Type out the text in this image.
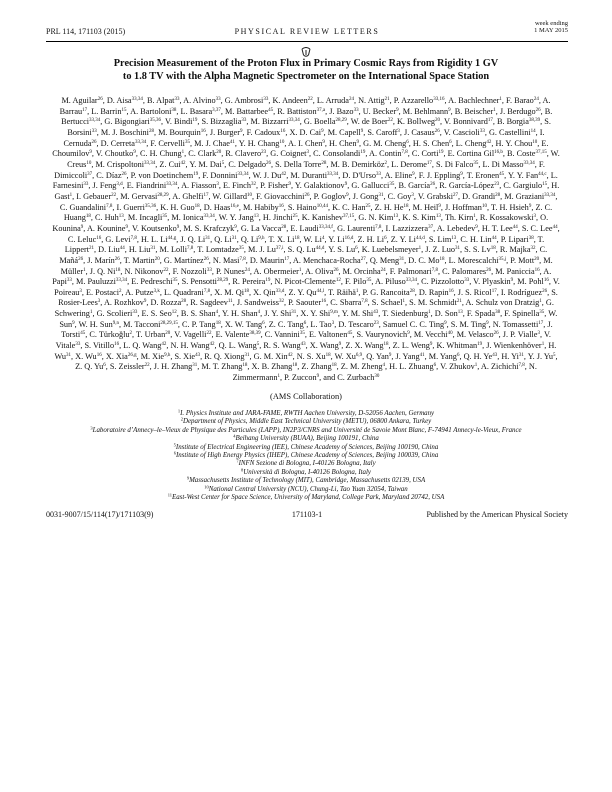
PRL 114, 171103 (2015)	PHYSICAL REVIEW LETTERS
week ending
1 MAY 2015
Precision Measurement of the Proton Flux in Primary Cosmic Rays from Rigidity 1 GV
to 1.8 TV with the Alpha Magnetic Spectrometer on the International Space Station
M. Aguilar$^{26}$, D. Aisa$^{33,34}$, B. Alpat$^{33}$, A. Alvino$^{33}$, G. Ambrosi$^{33}$, K. Andeen$^{22}$, L. Arruda$^{24}$, N. Attig$^{21}$, P. Azzarello$^{33,16}$, A. Bachlechner$^1$, F. Barao$^{24}$, A. Barrau$^{17}$, L. Barrin$^{15}$, A. Bartoloni$^{38}$, L. Basara$^{3,37}$, M. Battarbee$^{45}$, R. Battiston$^{37,a}$, J. Bazo$^{33}$, U. Becker$^9$, M. Behlmann$^9$, B. Beischer$^1$, J. Berdugo$^{26}$, B. Bertucci$^{33,34}$, G. Bigongiari$^{35,36}$, V. Bindi$^{19}$, S. Bizzaglia$^{33}$, M. Bizzarri$^{33,34}$, G. Boella$^{28,29}$, W. de Boer$^{22}$, K. Bollweg$^{20}$, V. Bonnivard$^{17}$, B. Borgia$^{38,39}$, S. Borsini$^{33}$, M. J. Boschini$^{28}$, M. Bourquin$^{16}$, J. Burger$^9$, F. Cadoux$^{16}$, X. D. Cai$^9$, M. Capell$^9$, S. Caroff$^3$, J. Casaus$^{26}$, V. Cascioli$^{33}$, G. Castellini$^{14}$, I. Cernuda$^{26}$, D. Cerreta$^{33,34}$, F. Cervelli$^{35}$, M. J. Chae$^{41}$, Y. H. Chang$^{10}$, A. I. Chen$^9$, H. Chen$^9$, G. M. Cheng$^6$, H. S. Chen$^6$, L. Cheng$^{42}$, H. Y. Chou$^{10}$, E. Choumilov$^9$, V. Choutko$^9$, C. H. Chung$^1$, C. Clark$^{20}$, R. Clavero$^{23}$, G. Coignet$^3$, C. Consolandi$^{19}$, A. Contin$^{7,8}$, C. Corti$^{19}$, E. Cortina Gil$^{16,b}$, B. Coste$^{37,15}$, W. Creus$^{10}$, M. Crispoltoni$^{33,34}$, Z. Cui$^{42}$, Y. M. Dai$^5$, C. Delgado$^{26}$, S. Della Torre$^{28}$, M. B. Demirköz$^2$, L. Derome$^{17}$, S. Di Falco$^{35}$, L. Di Masso$^{33,34}$, F. Dimiccoli$^{37}$, C. Díaz$^{26}$, P. von Doetinchem$^{19}$, F. Donnini$^{33,34}$, W. J. Du$^{42}$, M. Duranti$^{33,34}$, D. D'Urso$^{33}$, A. Eline$^9$, F. J. Eppling$^9$, T. Eronen$^{45}$, Y. Y. Fan$^{44,c}$, L. Farnesini$^{33}$, J. Feng$^{3,d}$, E. Fiandrini$^{33,34}$, A. Fiasson$^3$, E. Finch$^{32}$, P. Fisher$^9$, Y. Galaktionov$^9$, G. Gallucci$^{35}$, B. García$^{26}$, R. García-López$^{23}$, C. Gargiulo$^{15}$, H. Gast$^1$, I. Gebauer$^{22}$, M. Gervasi$^{28,29}$, A. Ghelfi$^{17}$, W. Gillard$^{10}$, F. Giovacchini$^{26}$, P. Goglov$^9$, J. Gong$^{31}$, C. Goy$^3$, V. Grabski$^{27}$, D. Grandi$^{28}$, M. Graziani$^{33,34}$, C. Guandalini$^{7,8}$, I. Guerri$^{35,36}$, K. H. Guo$^{18}$, D. Haas$^{16,e}$, M. Habiby$^{16}$, S. Haino$^{10,44}$, K. C. Han$^{25}$, Z. H. He$^{18}$, M. Heil$^9$, J. Hoffman$^{10}$, T. H. Hsieh$^9$, Z. C. Huang$^{18}$, C. Huh$^{13}$, M. Incagli$^{35}$, M. Ionica$^{33,34}$, W. Y. Jang$^{13}$, H. Jinchi$^{25}$, K. Kanishev$^{37,15}$, G. N. Kim$^{13}$, K. S. Kim$^{13}$, Th. Kirn$^1$, R. Kossakowski$^3$, O. Kounina$^9$, A. Kounine$^9$, V. Koutsenko$^9$, M. S. Krafczyk$^9$, G. La Vacca$^{28}$, E. Laudi$^{33,34,f}$, G. Laurenti$^{7,8}$, I. Lazzizzera$^{37}$, A. Lebedev$^9$, H. T. Lee$^{44}$, S. C. Lee$^{44}$, C. Leluc$^{16}$, G. Levi$^{7,8}$, H. L. Li$^{44,g}$, J. Q. Li$^{31}$, Q. Li$^{31}$, Q. Li$^{9,h}$, T. X. Li$^{18}$, W. Li$^4$, Y. Li$^{16,d}$, Z. H. Li$^6$, Z. Y. Li$^{44,d}$, S. Lim$^{13}$, C. H. Lin$^{44}$, P. Lipari$^{38}$, T. Lippert$^{21}$, D. Liu$^{44}$, H. Liu$^{31}$, M. Lolli$^{7,8}$, T. Lomtadze$^{35}$, M. J. Lu$^{37,i}$, S. Q. Lu$^{44,d}$, Y. S. Lu$^6$, K. Luebelsmeyer$^1$, J. Z. Luo$^{31}$, S. S. Lv$^{18}$, R. Majka$^{32}$, C. Mañá$^{26}$, J. Marín$^{26}$, T. Martin$^{20}$, G. Martínez$^{26}$, N. Masi$^{7,8}$, D. Maurin$^{17}$, A. Menchaca-Rocha$^{27}$, Q. Meng$^{31}$, D. C. Mo$^{18}$, L. Morescalchi$^{35,j}$, P. Mott$^{20}$, M. Müller$^1$, J. Q. Ni$^{18}$, N. Nikonov$^{22}$, F. Nozzoli$^{33}$, P. Nunes$^{24}$, A. Obermeier$^1$, A. Oliva$^{26}$, M. Orcinha$^{24}$, F. Palmonari$^{7,8}$, C. Palomares$^{26}$, M. Paniccia$^{16}$, A. Papi$^{33}$, M. Pauluzzi$^{33,34}$, E. Pedreschi$^{35}$, S. Pensotti$^{28,29}$, R. Pereira$^{19}$, N. Picot-Clemente$^{12}$, F. Pilo$^{35}$, A. Piluso$^{33,34}$, C. Pizzolotto$^{33}$, V. Plyaskin$^9$, M. Pohl$^{16}$, V. Poireau$^3$, E. Postaci$^2$, A. Putze$^{3,k}$, L. Quadrani$^{7,8}$, X. M. Qi$^{18}$, X. Qin$^{33,d}$, Z. Y. Qu$^{44,l}$, T. Räihä$^1$, P. G. Rancoita$^{28}$, D. Rapin$^{16}$, J. S. Ricol$^{17}$, I. Rodríguez$^{26}$, S. Rosier-Lees$^3$, A. Rozhkov$^9$, D. Rozza$^{28}$, R. Sagdeev$^{11}$, J. Sandweiss$^{32}$, P. Saouter$^{16}$, C. Sbarra$^{7,8}$, S. Schael$^1$, S. M. Schmidt$^{21}$, A. Schulz von Dratzig$^1$, G. Schwering$^1$, G. Scolieri$^{33}$, E. S. Seo$^{12}$, B. S. Shan$^4$, Y. H. Shan$^4$, J. Y. Shi$^{31}$, X. Y. Shi$^{9,m}$, Y. M. Shi$^{43}$, T. Siedenburg$^1$, D. Son$^{13}$, F. Spada$^{38}$, F. Spinella$^{35}$, W. Sun$^9$, W. H. Sun$^{9,n}$, M. Tacconi$^{28,29,15}$, C. P. Tang$^{18}$, X. W. Tang$^6$, Z. C. Tang$^6$, L. Tao$^3$, D. Tescaro$^{23}$, Samuel C. C. Ting$^9$, S. M. Ting$^9$, N. Tomassetti$^{17}$, J. Torsti$^{45}$, C. Türkoğlu$^2$, T. Urban$^{20}$, V. Vagelli$^{22}$, E. Valente$^{38,39}$, C. Vannini$^{35}$, E. Valtonen$^{45}$, S. Vaurynovich$^9$, M. Vecchi$^{40}$, M. Velasco$^{26}$, J. P. Vialle$^3$, V. Vitale$^{33}$, S. Vitillo$^{16}$, L. Q. Wang$^{42}$, N. H. Wang$^{42}$, Q. L. Wang$^5$, R. S. Wang$^{43}$, X. Wang$^9$, Z. X. Wang$^{18}$, Z. L. Weng$^9$, K. Whitman$^{19}$, J. Wienkenhöver$^1$, H. Wu$^{31}$, X. Wu$^{16}$, X. Xia$^{26,g}$, M. Xie$^{9,h}$, S. Xie$^{43}$, R. Q. Xiong$^{31}$, G. M. Xin$^{42}$, N. S. Xu$^{18}$, W. Xu$^{6,9}$, Q. Yan$^9$, J. Yang$^{41}$, M. Yang$^6$, Q. H. Ye$^{43}$, H. Yi$^{31}$, Y. J. Yu$^5$, Z. Q. Yu$^6$, S. Zeissler$^{22}$, J. H. Zhang$^{31}$, M. T. Zhang$^{18}$, X. B. Zhang$^{18}$, Z. Zhang$^{18}$, Z. M. Zheng$^4$, H. L. Zhuang$^6$, V. Zhukov$^1$, A. Zichichi$^{7,8}$, N. Zimmermann$^1$, P. Zuccon$^9$, and C. Zurbach$^{30}$
(AMS Collaboration)
$^1$I. Physics Institute and JARA-FAME, RWTH Aachen University, D-52056 Aachen, Germany
$^2$Department of Physics, Middle East Technical University (METU), 06800 Ankara, Turkey
$^3$Laboratoire d’Annecy–le–Vieux de Physique des Particules (LAPP), IN2P3/CNRS and Université de Savoie Mont Blanc, F-74941 Annecy-le-Vieux, France
$^4$Beihang University (BUAA), Beijing 100191, China
$^5$Institute of Electrical Engineering (IEE), Chinese Academy of Sciences, Beijing 100190, China
$^6$Institute of High Energy Physics (IHEP), Chinese Academy of Sciences, Beijing 100039, China
$^7$INFN Sezione di Bologna, I-40126 Bologna, Italy
$^8$Università di Bologna, I-40126 Bologna, Italy
$^9$Massachusetts Institute of Technology (MIT), Cambridge, Massachusetts 02139, USA
$^{10}$National Central University (NCU), Chung-Li, Tao Yuan 32054, Taiwan
$^{11}$East-West Center for Space Science, University of Maryland, College Park, Maryland 20742, USA
0031-9007/15/114(17)/171103(9)	171103-1	Published by the American Physical Society
